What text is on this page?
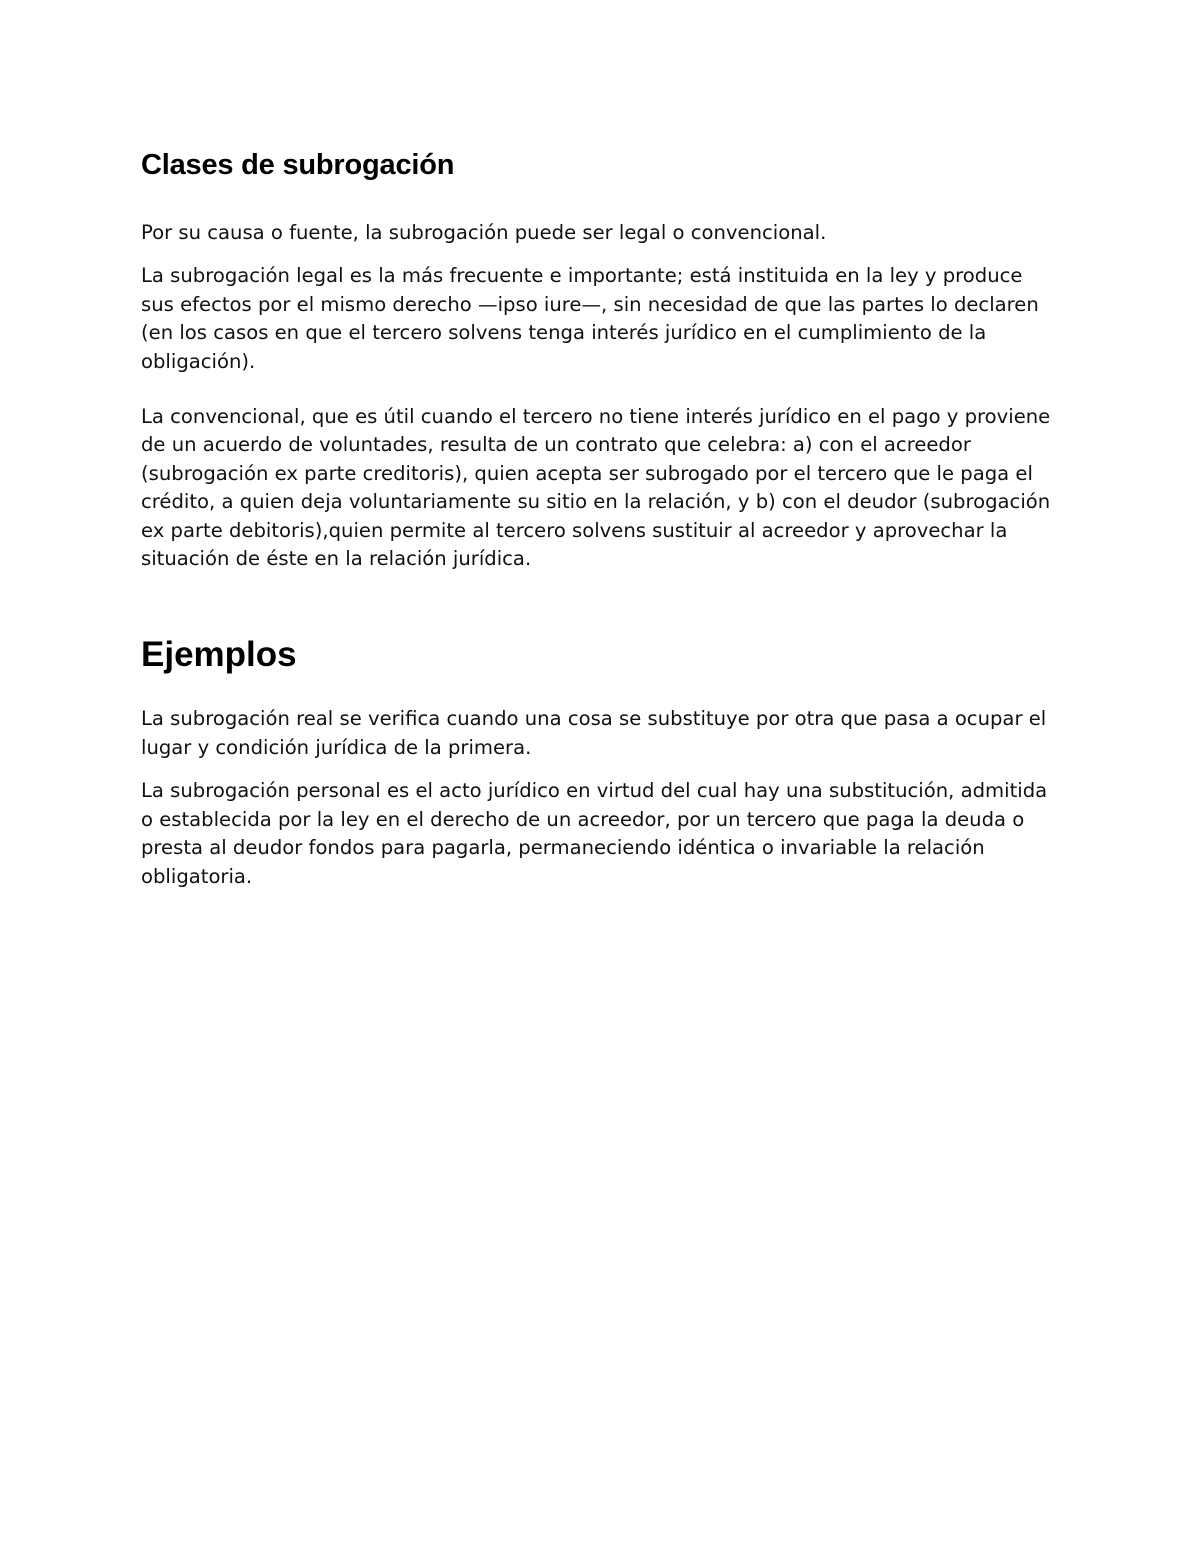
Clases de subrogación

Por su causa o fuente, la subrogación puede ser legal o convencional.

La subrogación legal es la más frecuente e importante; está instituida en la ley y produce sus efectos por el mismo derecho —ipso iure—, sin necesidad de que las partes lo declaren (en los casos en que el tercero solvens tenga interés jurídico en el cumplimiento de la obligación).

La convencional, que es útil cuando el tercero no tiene interés jurídico en el pago y proviene de un acuerdo de voluntades, resulta de un contrato que celebra: a) con el acreedor (subrogación ex parte creditoris), quien acepta ser subrogado por el tercero que le paga el crédito, a quien deja voluntariamente su sitio en la relación, y b) con el deudor (subrogación ex parte debitoris),quien permite al tercero solvens sustituir al acreedor y aprovechar la situación de éste en la relación jurídica.

Ejemplos

La subrogación real se verifica cuando una cosa se substituye por otra que pasa a ocupar el lugar y condición jurídica de la primera.

La subrogación personal es el acto jurídico en virtud del cual hay una substitución, admitida o establecida por la ley en el derecho de un acreedor, por un tercero que paga la deuda o presta al deudor fondos para pagarla, permaneciendo idéntica o invariable la relación obligatoria.
